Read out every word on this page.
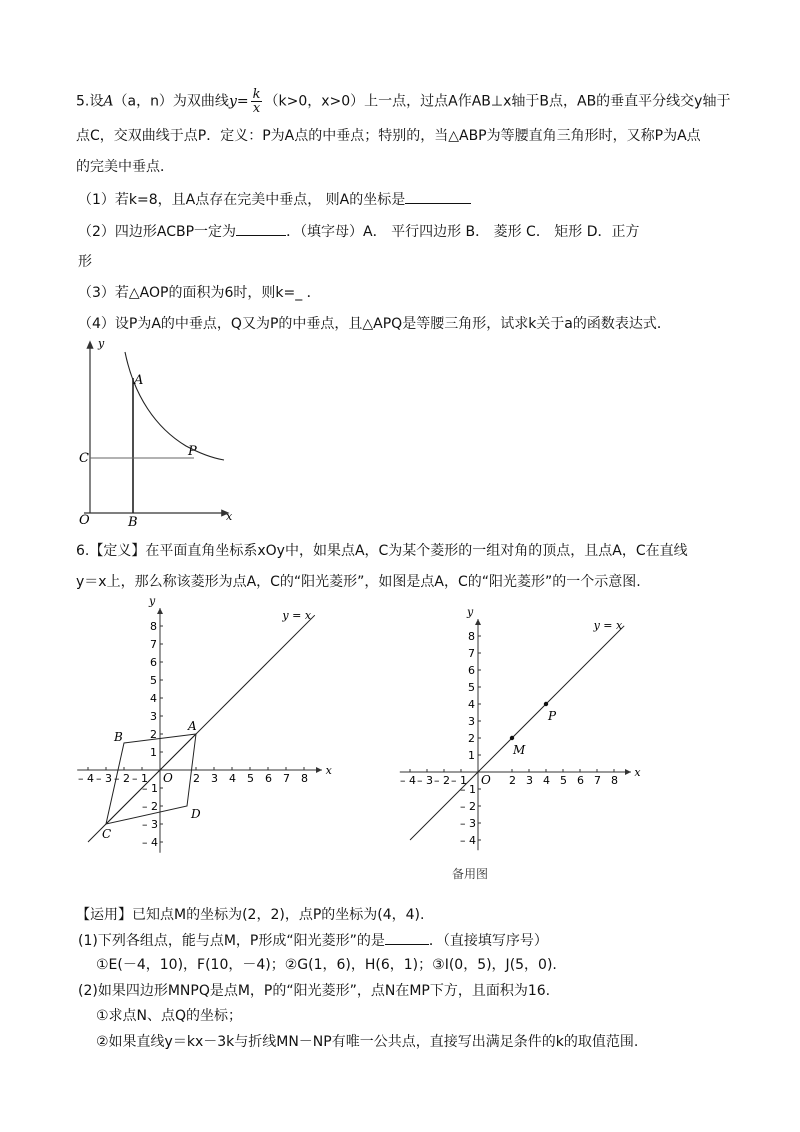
5.设A（a，n）为双曲线$y= \frac{k}{x} (k>0$，x>0）上一点，过点A作AB⊥x轴于B点，AB的垂直平分线交y轴于
点C，交双曲线于点P．定义：P为A点的中垂点；特别的，当△ABP为等腰直角三角形时，又称P为A点
的完美中垂点．
（1）若k=8，且A点存在完美中垂点， 则A的坐标是
（2）四边形ACBP一定为	．（填字母）A． 平行四边形 B． 菱形 C． 矩形 D．正方
形
（3）若△AOP的面积为6时，则k=_ ．
（4）设P为A的中垂点，Q又为P的中垂点，且△APQ是等腰三角形，试求k关于a的函数表达式．
y
x
A
P
C
O	B
6.【定义】在平面直角坐标系xOy中，如果点A，C为某个菱形的一组对角的顶点，且点A，C在直线
y＝x上，那么称该菱形为点A，C的“阳光菱形”，如图是点A，C的“阳光菱形”的一个示意图.
y = x
x
y
O
A
B
C
D
– 4 – 3 – 2 – 1	2 3 4 5 6 7 8
8
7
6
5
4
3
2
1
– 1
– 2
– 3
– 4
y = x
x
y
O
P
M
– 4 – 3 – 2 – 1	2 3 4 5 6 7 8
8
7
6
5
4
3
2
1
– 1
– 2
– 3
– 4
备用图
【运用】已知点M的坐标为(2，2)，点P的坐标为(4，4).
(1)下列各组点，能与点M，P形成“阳光菱形”的是	．（直接填写序号）
①E(－4，10)，F(10，－4)；②G(1，6)，H(6，1)；③I(0，5)，J(5，0).
(2)如果四边形MNPQ是点M，P的“阳光菱形”，点N在MP下方，且面积为16.
①求点N、点Q的坐标；
②如果直线y＝kx－3k与折线MN－NP有唯一公共点，直接写出满足条件的k的取值范围.
